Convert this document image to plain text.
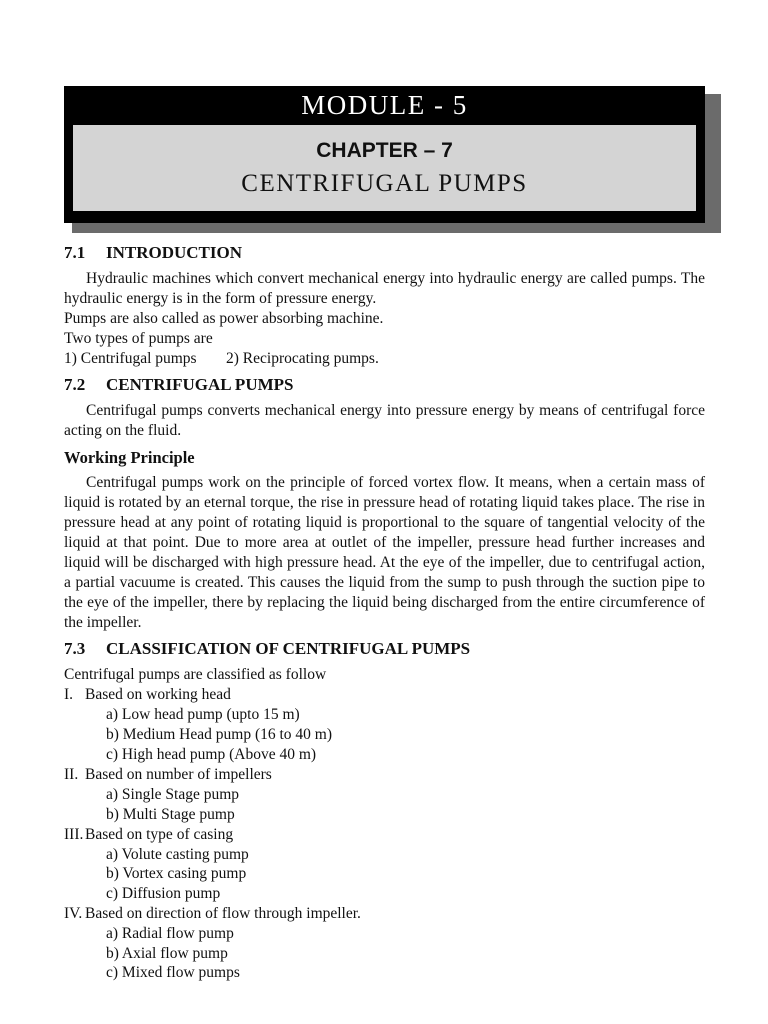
MODULE - 5
CHAPTER – 7
CENTRIFUGAL PUMPS
7.1 INTRODUCTION
Hydraulic machines which convert mechanical energy into hydraulic energy are called pumps. The hydraulic energy is in the form of pressure energy.
Pumps are also called as power absorbing machine.
Two types of pumps are
1) Centrifugal pumps 2) Reciprocating pumps.
7.2 CENTRIFUGAL PUMPS
Centrifugal pumps converts mechanical energy into pressure energy by means of centrifugal force acting on the fluid.
Working Principle
Centrifugal pumps work on the principle of forced vortex flow. It means, when a certain mass of liquid is rotated by an eternal torque, the rise in pressure head of rotating liquid takes place. The rise in pressure head at any point of rotating liquid is proportional to the square of tangential velocity of the liquid at that point. Due to more area at outlet of the impeller, pressure head further increases and liquid will be discharged with high pressure head. At the eye of the impeller, due to centrifugal action, a partial vacuume is created. This causes the liquid from the sump to push through the suction pipe to the eye of the impeller, there by replacing the liquid being discharged from the entire circumference of the impeller.
7.3 CLASSIFICATION OF CENTRIFUGAL PUMPS
Centrifugal pumps are classified as follow
I. Based on working head
a) Low head pump (upto 15 m)
b) Medium Head pump (16 to 40 m)
c) High head pump (Above 40 m)
II. Based on number of impellers
a) Single Stage pump
b) Multi Stage pump
III. Based on type of casing
a) Volute casting pump
b) Vortex casing pump
c) Diffusion pump
IV. Based on direction of flow through impeller.
a) Radial flow pump
b) Axial flow pump
c) Mixed flow pumps
